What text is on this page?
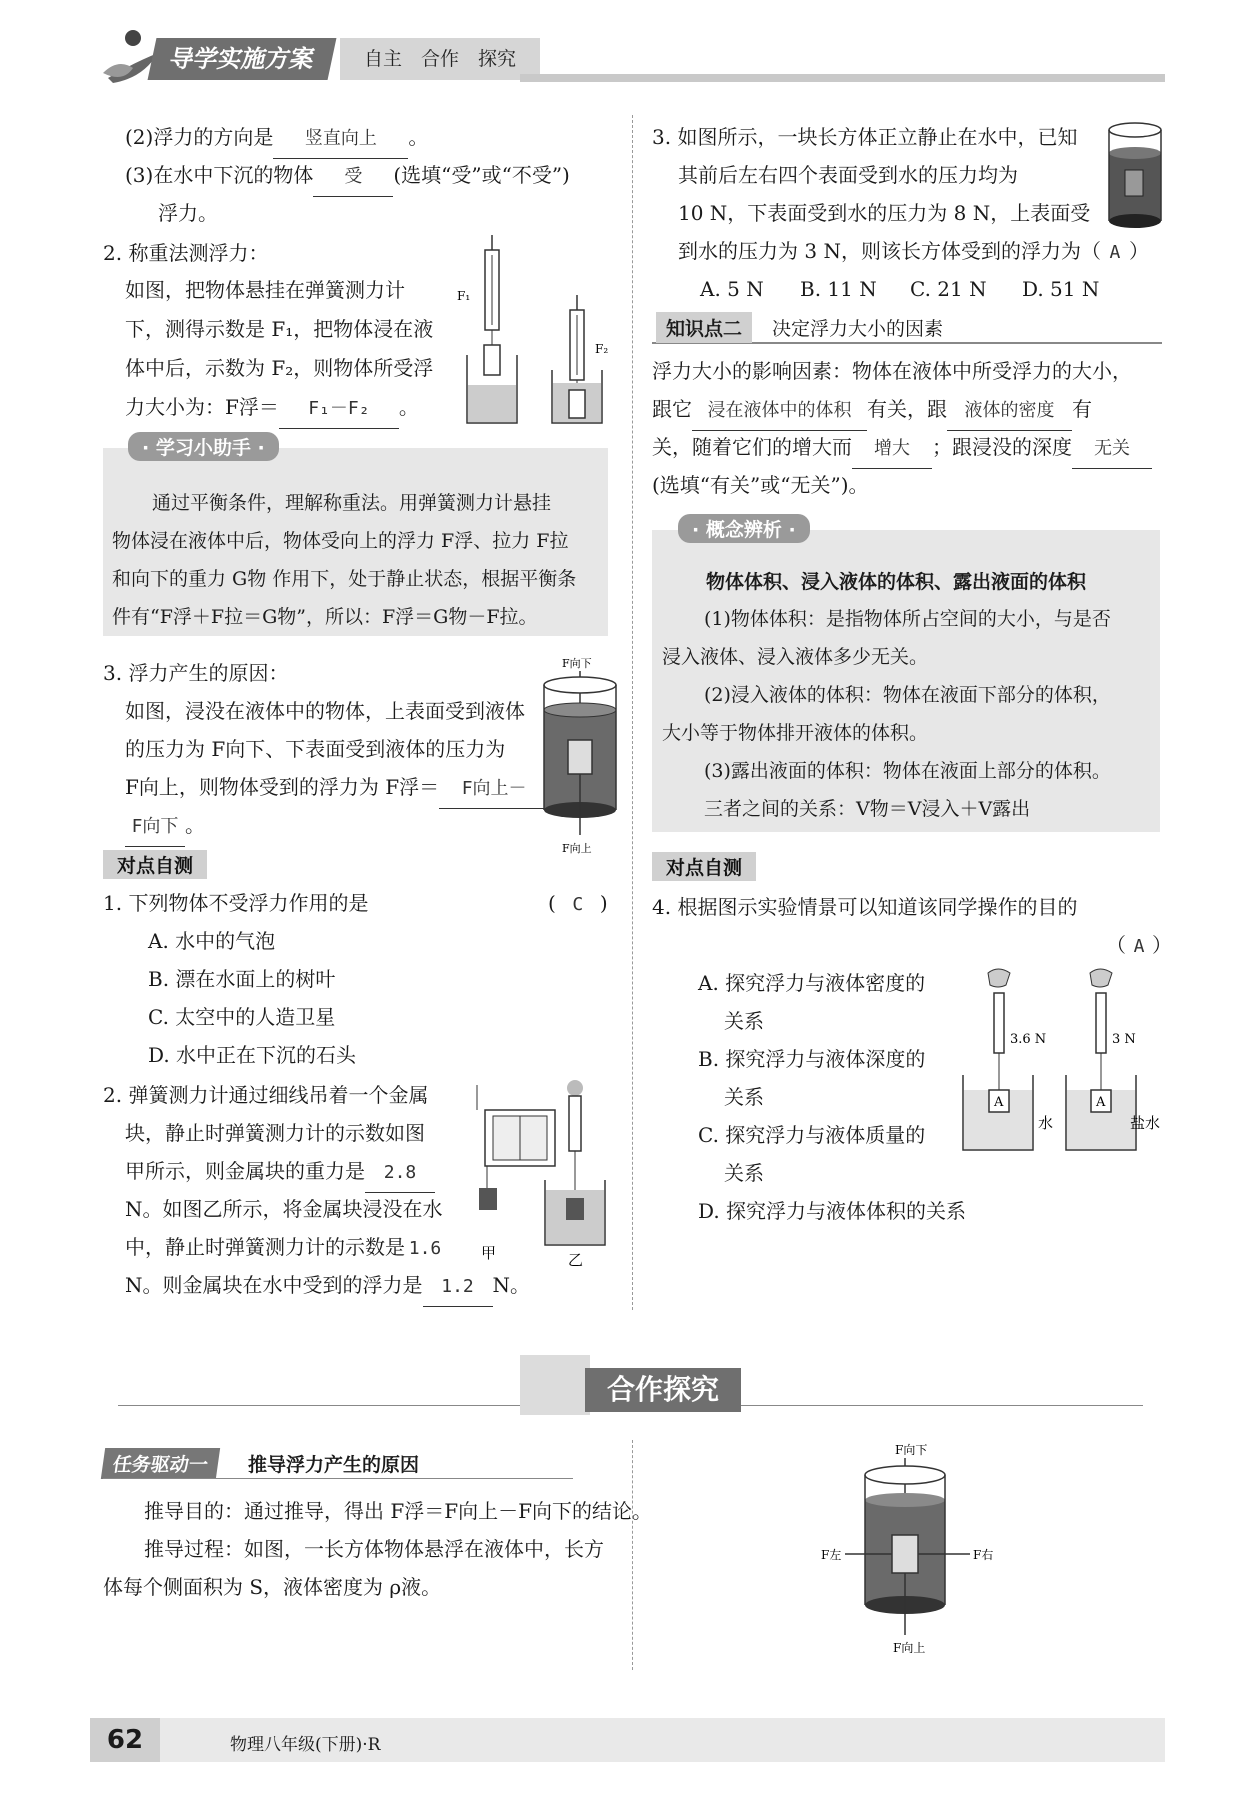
导学实施方案	自主　合作　探究
(2)浮力的方向是 竖直向上 。
(3)在水中下沉的物体 受 (选填“受”或“不受”)
浮力。
2. 称重法测浮力：
如图，把物体悬挂在弹簧测力计
下，测得示数是 F₁，把物体浸在液
体中后，示数为 F₂，则物体所受浮
力大小为：F浮＝ F₁－F₂ 。
F₁
F₂
· 学习小助手 ·
通过平衡条件，理解称重法。用弹簧测力计悬挂
物体浸在液体中后，物体受向上的浮力 F浮、拉力 F拉
和向下的重力 G物 作用下，处于静止状态，根据平衡条
件有“F浮＋F拉＝G物”，所以：F浮＝G物－F拉。
3. 浮力产生的原因：
如图，浸没在液体中的物体，上表面受到液体
的压力为 F向下、下表面受到液体的压力为
F向上，则物体受到的浮力为 F浮＝ F向上－
F向下 。
F向下
F向上
对点自测
1. 下列物体不受浮力作用的是	( C )
A. 水中的气泡
B. 漂在水面上的树叶
C. 太空中的人造卫星
D. 水中正在下沉的石头
2. 弹簧测力计通过细线吊着一个金属
块，静止时弹簧测力计的示数如图
甲所示，则金属块的重力是 2.8
N。如图乙所示，将金属块浸没在水
中，静止时弹簧测力计的示数是 1.6
N。则金属块在水中受到的浮力是 1.2 N。
甲	乙
3. 如图所示，一块长方体正立静止在水中，已知
其前后左右四个表面受到水的压力均为
10 N，下表面受到水的压力为 8 N，上表面受
到水的压力为 3 N，则该长方体受到的浮力为（ A ）
A. 5 N B. 11 N C. 21 N D. 51 N
知识点二	决定浮力大小的因素
浮力大小的影响因素：物体在液体中所受浮力的大小，
跟它 浸在液体中的体积 有关，跟 液体的密度 有
关，随着它们的增大而 增大 ；跟浸没的深度 无关
(选填“有关”或“无关”)。
· 概念辨析 ·
物体体积、浸入液体的体积、露出液面的体积
(1)物体体积：是指物体所占空间的大小，与是否
浸入液体、浸入液体多少无关。
(2)浸入液体的体积：物体在液面下部分的体积，
大小等于物体排开液体的体积。
(3)露出液面的体积：物体在液面上部分的体积。
三者之间的关系：V物＝V浸入＋V露出
对点自测
4. 根据图示实验情景可以知道该同学操作的目的
（ A ）
A. 探究浮力与液体密度的
关系
B. 探究浮力与液体深度的
关系
C. 探究浮力与液体质量的
关系
D. 探究浮力与液体体积的关系
3.6 N
A
水
3 N
A
盐水
合作探究
任务驱动一	推导浮力产生的原因
推导目的：通过推导，得出 F浮＝F向上－F向下的结论。
推导过程：如图，一长方体物体悬浮在液体中，长方
体每个侧面积为 S，液体密度为 ρ液。
F向下
F左	F右
F向上
62	物理八年级(下册)·R
